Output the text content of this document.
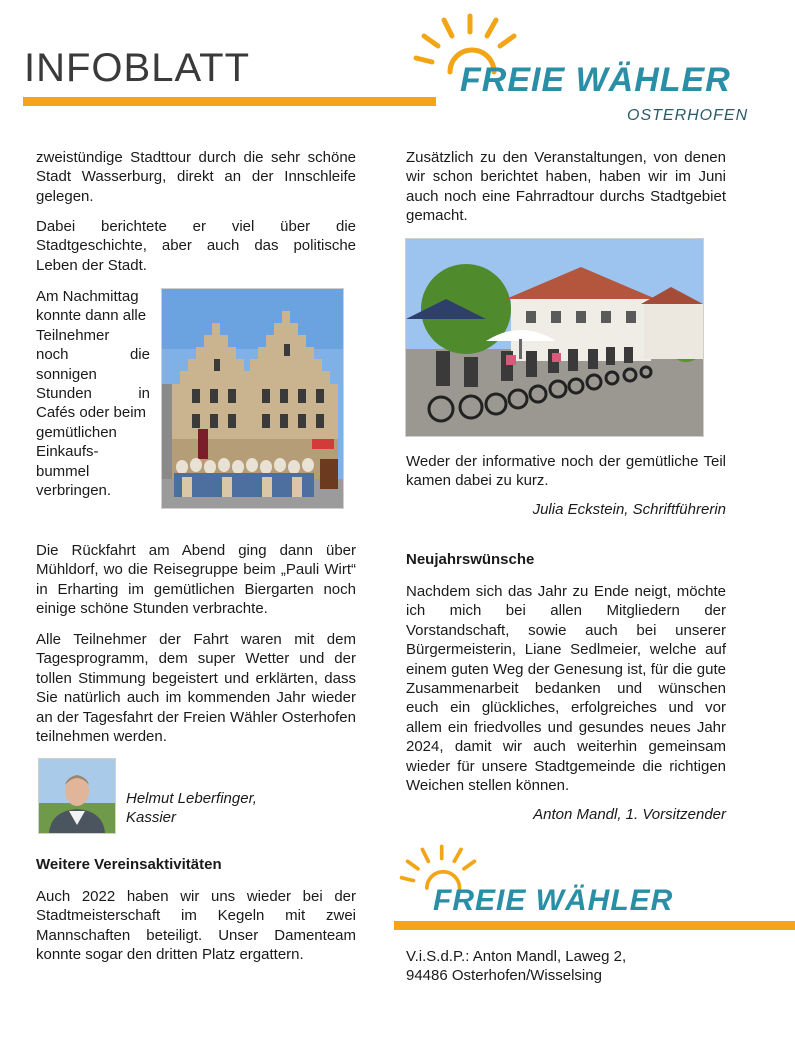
INFOBLATT	FREIE WÄHLER
OSTERHOFEN

zweistündige Stadttour durch die sehr schöne Stadt Wasserburg, direkt an der Innschleife gelegen.

Dabei berichtete er viel über die Stadtgeschichte, aber auch das politische Leben der Stadt.

Am Nachmittag
konnte dann alle
Teilnehmer
noch	die
sonnigen
Stunden	in
Cafés oder beim
gemütlichen
Einkaufs-
bummel
verbringen.

Die Rückfahrt am Abend ging dann über Mühldorf, wo die Reisegruppe beim „Pauli Wirt“ in Erharting im gemütlichen Biergarten noch einige schöne Stunden verbrachte.

Alle Teilnehmer der Fahrt waren mit dem Tagesprogramm, dem super Wetter und der tollen Stimmung begeistert und erklärten, dass Sie natürlich auch im kommenden Jahr wieder an der Tagesfahrt der Freien Wähler Osterhofen teilnehmen werden.

Helmut Leberfinger,
Kassier
Weitere Vereinsaktivitäten

Auch 2022 haben wir uns wieder bei der Stadtmeisterschaft im Kegeln mit zwei Mannschaften beteiligt. Unser Damenteam konnte sogar den dritten Platz ergattern.

Zusätzlich zu den Veranstaltungen, von denen wir schon berichtet haben, haben wir im Juni auch noch eine Fahrradtour durchs Stadtgebiet gemacht.

Weder der informative noch der gemütliche Teil kamen dabei zu kurz.

Julia Eckstein, Schriftführerin

Neujahrswünsche

Nachdem sich das Jahr zu Ende neigt, möchte ich mich bei allen Mitgliedern der Vorstandschaft, sowie auch bei unserer Bürgermeisterin, Liane Sedlmeier, welche auf einem guten Weg der Genesung ist, für die gute Zusammenarbeit bedanken und wünschen euch ein glückliches, erfolgreiches und vor allem ein friedvolles und gesundes neues Jahr 2024, damit wir auch weiterhin gemeinsam wieder für unsere Stadtgemeinde die richtigen Weichen stellen können.

Anton Mandl, 1. Vorsitzender

FREIE WÄHLER
V.i.S.d.P.: Anton Mandl, Laweg 2,
94486 Osterhofen/Wisselsing
